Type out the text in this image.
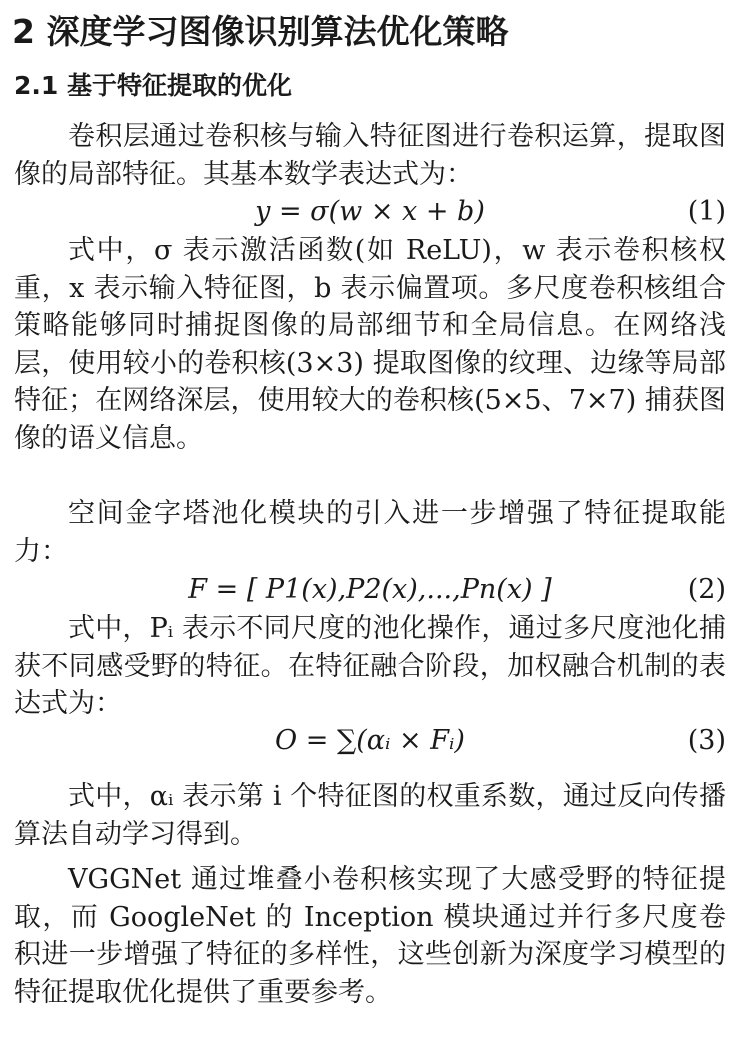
2 深度学习图像识别算法优化策略
2.1 基于特征提取的优化

卷积层通过卷积核与输入特征图进行卷积运算，提取图像的局部特征。其基本数学表达式为：

y = σ(w × x + b)	(1)

式中，σ 表示激活函数(如 ReLU)，w 表示卷积核权重，x 表示输入特征图，b 表示偏置项。多尺度卷积核组合策略能够同时捕捉图像的局部细节和全局信息。在网络浅层，使用较小的卷积核(3×3) 提取图像的纹理、边缘等局部特征；在网络深层，使用较大的卷积核(5×5、7×7) 捕获图像的语义信息。

空间金字塔池化模块的引入进一步增强了特征提取能力：

F = [ P1(x),P2(x),...,Pn(x) ]	(2)

式中，Pᵢ 表示不同尺度的池化操作，通过多尺度池化捕获不同感受野的特征。在特征融合阶段，加权融合机制的表达式为：

O = ∑(αᵢ × Fᵢ)	(3)

式中，αᵢ 表示第 i 个特征图的权重系数，通过反向传播算法自动学习得到。

VGGNet 通过堆叠小卷积核实现了大感受野的特征提取，而 GoogleNet 的 Inception 模块通过并行多尺度卷积进一步增强了特征的多样性，这些创新为深度学习模型的特征提取优化提供了重要参考。
